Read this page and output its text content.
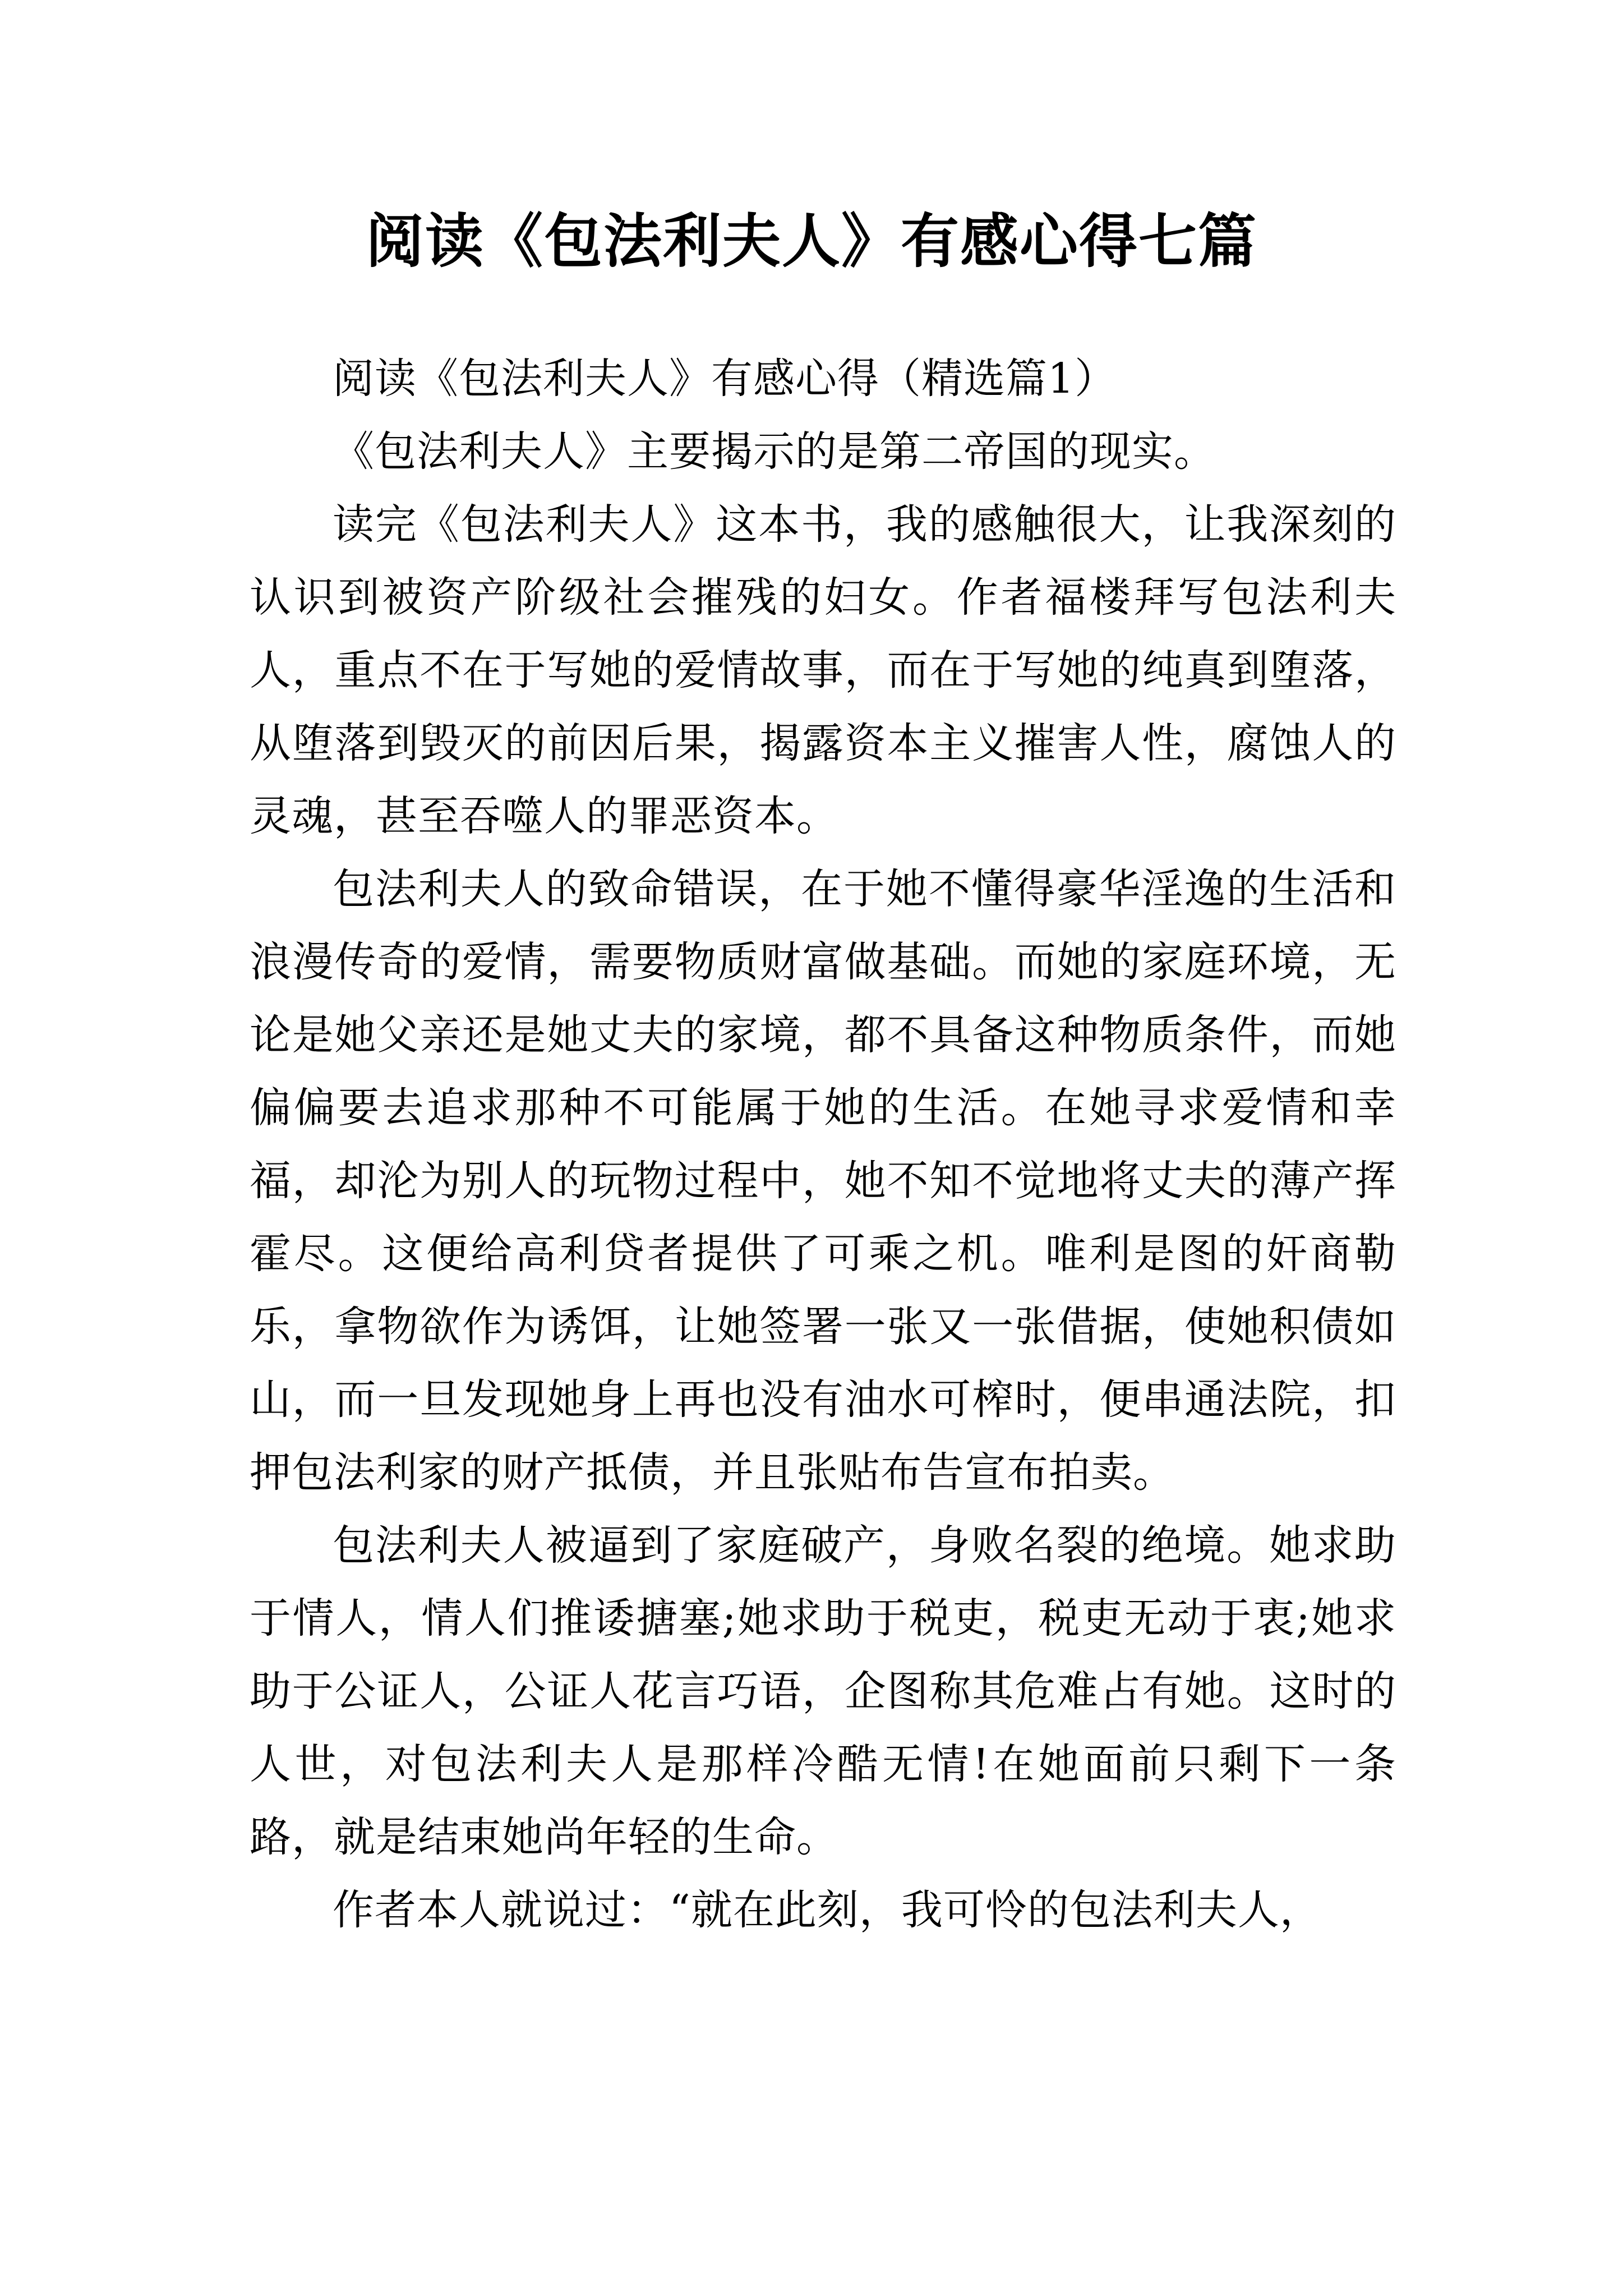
阅读《包法利夫人》有感心得七篇

阅读《包法利夫人》有感心得（精选篇1）

《包法利夫人》主要揭示的是第二帝国的现实。

读完《包法利夫人》这本书，我的感触很大，让我深刻的认识到被资产阶级社会摧残的妇女。作者福楼拜写包法利夫人，重点不在于写她的爱情故事，而在于写她的纯真到堕落，从堕落到毁灭的前因后果，揭露资本主义摧害人性，腐蚀人的灵魂，甚至吞噬人的罪恶资本。

包法利夫人的致命错误，在于她不懂得豪华淫逸的生活和浪漫传奇的爱情，需要物质财富做基础。而她的家庭环境，无论是她父亲还是她丈夫的家境，都不具备这种物质条件，而她偏偏要去追求那种不可能属于她的生活。在她寻求爱情和幸福，却沦为别人的玩物过程中，她不知不觉地将丈夫的薄产挥霍尽。这便给高利贷者提供了可乘之机。唯利是图的奸商勒乐，拿物欲作为诱饵，让她签署一张又一张借据，使她积债如山，而一旦发现她身上再也没有油水可榨时，便串通法院，扣押包法利家的财产抵债，并且张贴布告宣布拍卖。

包法利夫人被逼到了家庭破产，身败名裂的绝境。她求助于情人，情人们推诿搪塞;她求助于税吏，税吏无动于衷;她求助于公证人，公证人花言巧语，企图称其危难占有她。这时的人世，对包法利夫人是那样冷酷无情!在她面前只剩下一条路，就是结束她尚年轻的生命。

作者本人就说过：“就在此刻，我可怜的包法利夫人，
